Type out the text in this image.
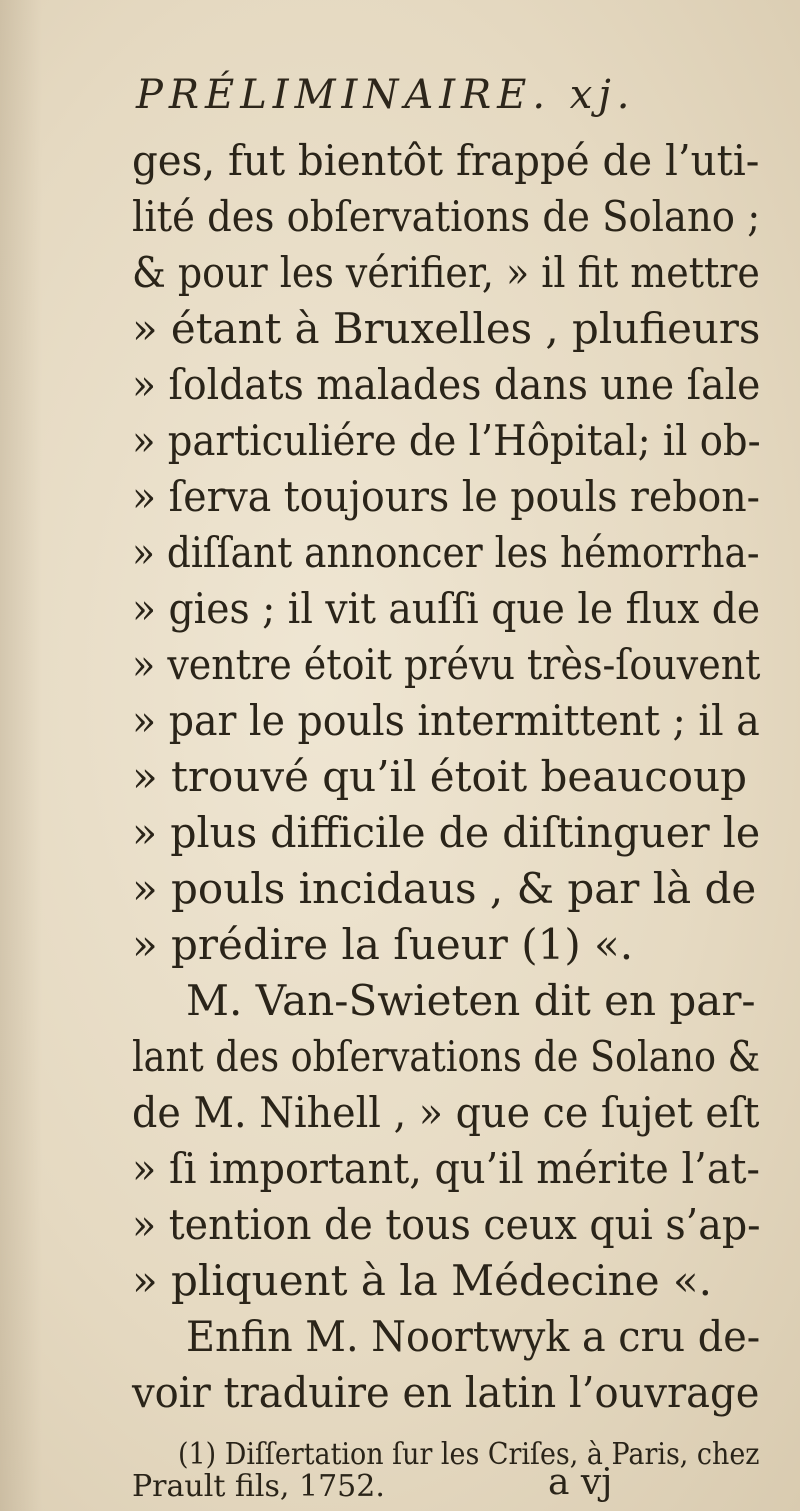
PRÉLIMINAIRE. xj.
ges, fut bientôt frappé de l’uti-
lité des obſervations de Solano ;
& pour les vérifier, » il fit mettre
» étant à Bruxelles , plufieurs
» ſoldats malades dans une ſale
» particuliére de l’Hôpital; il ob-
» ſerva toujours le pouls rebon-
» diſſant annoncer les hémorrha-
» gies ; il vit auſſi que le flux de
» ventre étoit prévu très-ſouvent
» par le pouls intermittent ; il a
» trouvé qu’il étoit beaucoup
» plus difficile de diſtinguer le
» pouls incidaus , & par là de
» prédire la ſueur (1) «.
M. Van-Swieten dit en par-
lant des obſervations de Solano &
de M. Nihell , » que ce ſujet eſt
» ſi important, qu’il mérite l’at-
» tention de tous ceux qui s’ap-
» pliquent à la Médecine «.
Enfin M. Noortwyk a cru de-
voir traduire en latin l’ouvrage
(1) Diſſertation ſur les Criſes, à Paris, chez
Prault fils, 1752.	a vj
